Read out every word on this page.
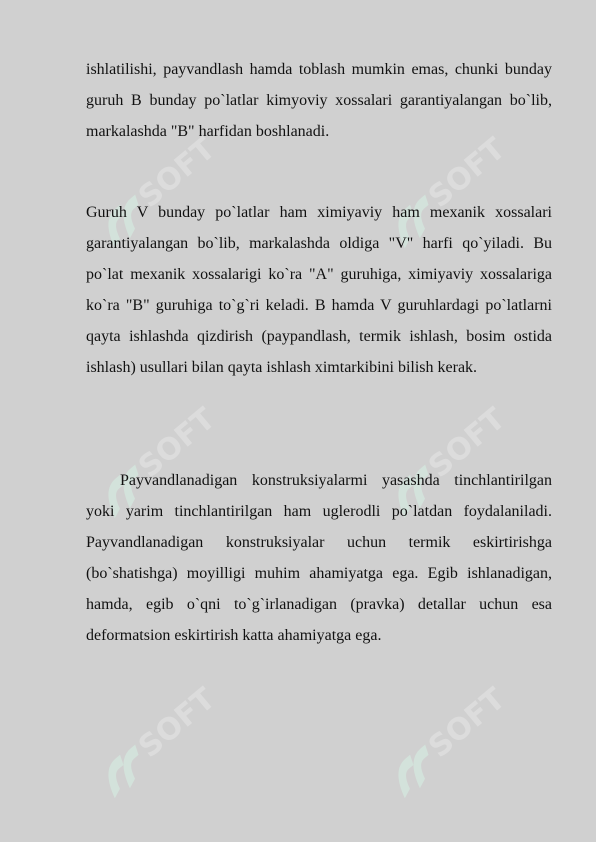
SOFT	SOFT
SOFT	SOFT
SOFT	SOFT

ishlatilishi, payvandlash hamda toblash mumkin emas, chunki bunday guruh B bunday po`latlar kimyoviy xossalari garantiyalangan bo`lib, markalashda "B" harfidan boshlanadi.

Guruh V bunday po`latlar ham ximiyaviy ham mexanik xossalari garantiyalangan bo`lib, markalashda oldiga "V" harfi qo`yiladi. Bu po`lat mexanik xossalarigi ko`ra "A" guruhiga, ximiyaviy xossalariga ko`ra "B" guruhiga to`g`ri keladi. B hamda V guruhlardagi po`latlarni qayta ishlashda qizdirish (paypandlash, termik ishlash, bosim ostida ishlash) usullari bilan qayta ishlash ximtarkibini bilish kerak.

Payvandlanadigan konstruksiyalarmi yasashda tinchlantirilgan yoki yarim tinchlantirilgan ham uglerodli po`latdan foydalaniladi. Payvandlanadigan konstruksiyalar uchun termik eskirtirishga (bo`shatishga) moyilligi muhim ahamiyatga ega. Egib ishlanadigan, hamda, egib o`qni to`g`irlanadigan (pravka) detallar uchun esa deformatsion eskirtirish katta ahamiyatga ega.
